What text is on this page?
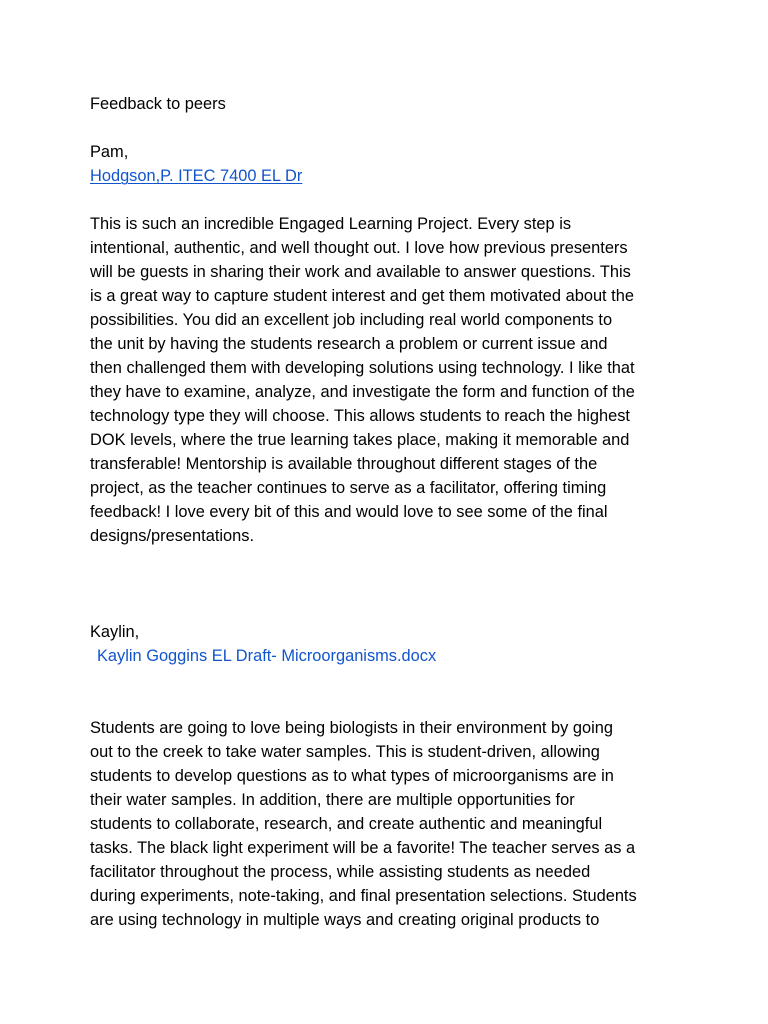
Feedback to peers
Pam,
Hodgson,P. ITEC 7400 EL Dr
This is such an incredible Engaged Learning Project. Every step is
intentional, authentic, and well thought out. I love how previous presenters
will be guests in sharing their work and available to answer questions. This
is a great way to capture student interest and get them motivated about the
possibilities. You did an excellent job including real world components to
the unit by having the students research a problem or current issue and
then challenged them with developing solutions using technology. I like that
they have to examine, analyze, and investigate the form and function of the
technology type they will choose. This allows students to reach the highest
DOK levels, where the true learning takes place, making it memorable and
transferable! Mentorship is available throughout different stages of the
project, as the teacher continues to serve as a facilitator, offering timing
feedback! I love every bit of this and would love to see some of the final
designs/presentations.
Kaylin,
Kaylin Goggins EL Draft- Microorganisms.docx
Students are going to love being biologists in their environment by going
out to the creek to take water samples. This is student-driven, allowing
students to develop questions as to what types of microorganisms are in
their water samples. In addition, there are multiple opportunities for
students to collaborate, research, and create authentic and meaningful
tasks. The black light experiment will be a favorite! The teacher serves as a
facilitator throughout the process, while assisting students as needed
during experiments, note-taking, and final presentation selections. Students
are using technology in multiple ways and creating original products to
